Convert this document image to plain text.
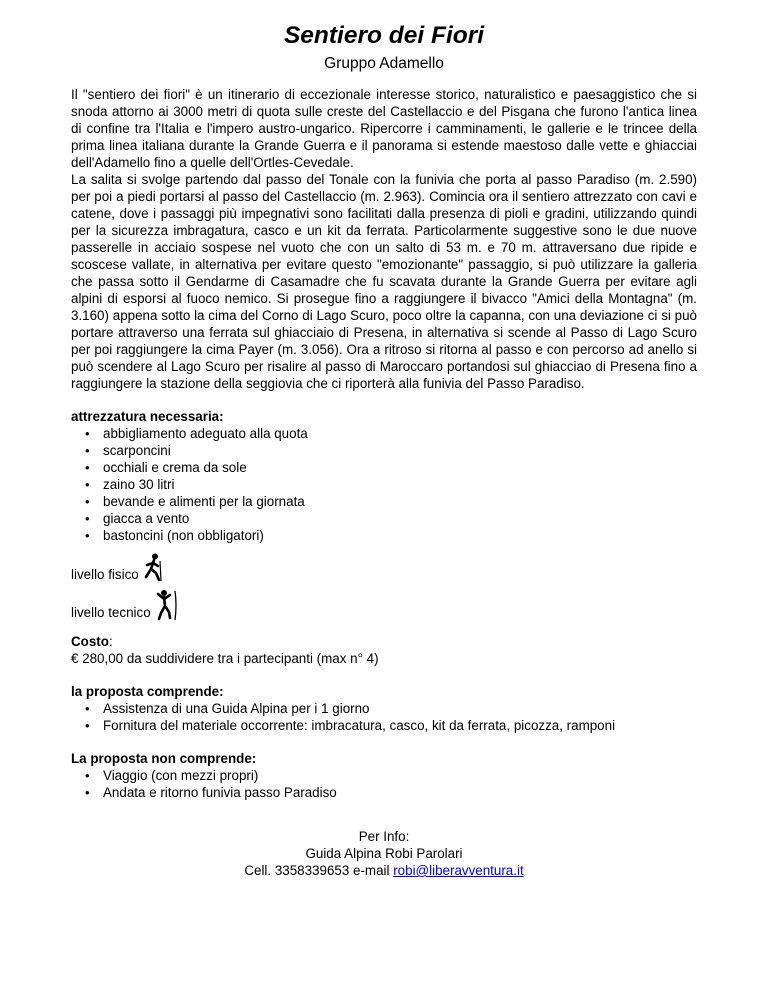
Sentiero dei Fiori
Gruppo Adamello

Il "sentiero dei fiori" è un itinerario di eccezionale interesse storico, naturalistico e paesaggistico che si snoda attorno ai 3000 metri di quota sulle creste del Castellaccio e del Pisgana che furono l'antica linea di confine tra l'Italia e l'impero austro-ungarico. Ripercorre i camminamenti, le gallerie e le trincee della prima linea italiana durante la Grande Guerra e il panorama si estende maestoso dalle vette e ghiacciai dell'Adamello fino a quelle dell'Ortles-Cevedale.

La salita si svolge partendo dal passo del Tonale con la funivia che porta al passo Paradiso (m. 2.590) per poi a piedi portarsi al passo del Castellaccio (m. 2.963). Comincia ora il sentiero attrezzato con cavi e catene, dove i passaggi più impegnativi sono facilitati dalla presenza di pioli e gradini, utilizzando quindi per la sicurezza imbragatura, casco e un kit da ferrata. Particolarmente suggestive sono le due nuove passerelle in acciaio sospese nel vuoto che con un salto di 53 m. e 70 m. attraversano due ripide e scoscese vallate, in alternativa per evitare questo "emozionante" passaggio, si può utilizzare la galleria che passa sotto il Gendarme di Casamadre che fu scavata durante la Grande Guerra per evitare agli alpini di esporsi al fuoco nemico. Si prosegue fino a raggiungere il bivacco "Amici della Montagna" (m. 3.160) appena sotto la cima del Corno di Lago Scuro, poco oltre la capanna, con una deviazione ci si può portare attraverso una ferrata sul ghiacciaio di Presena, in alternativa si scende al Passo di Lago Scuro per poi raggiungere la cima Payer (m. 3.056). Ora a ritroso si ritorna al passo e con percorso ad anello si può scendere al Lago Scuro per risalire al passo di Maroccaro portandosi sul ghiacciao di Presena fino a raggiungere la stazione della seggiovia che ci riporterà alla funivia del Passo Paradiso.

attrezzatura necessaria:

• abbigliamento adeguato alla quota
• scarponcini
• occhiali e crema da sole
• zaino 30 litri
• bevande e alimenti per la giornata
• giacca a vento
• bastoncini (non obbligatori)
livello fisico
livello tecnico

Costo:

€ 280,00 da suddividere tra i partecipanti (max n° 4)

la proposta comprende:

• Assistenza di una Guida Alpina per i 1 giorno
• Fornitura del materiale occorrente: imbracatura, casco, kit da ferrata, picozza, ramponi

La proposta non comprende:

• Viaggio (con mezzi propri)
• Andata e ritorno funivia passo Paradiso
Per Info:
Guida Alpina Robi Parolari
Cell. 3358339653 e-mail robi@liberavventura.it
